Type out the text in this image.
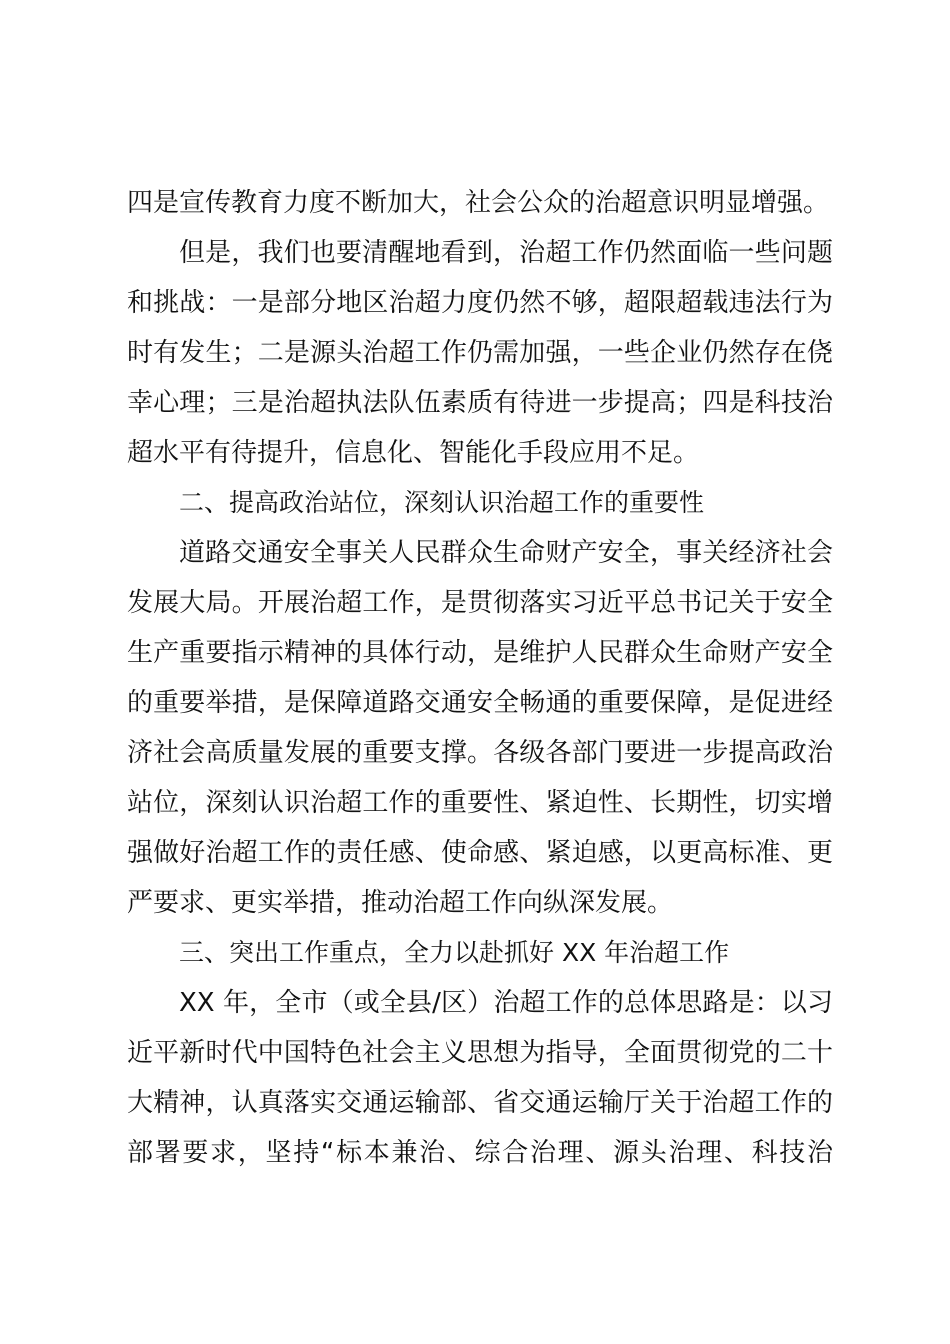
四是宣传教育力度不断加大，社会公众的治超意识明显增强。
但是，我们也要清醒地看到，治超工作仍然面临一些问题
和挑战：一是部分地区治超力度仍然不够，超限超载违法行为
时有发生；二是源头治超工作仍需加强，一些企业仍然存在侥
幸心理；三是治超执法队伍素质有待进一步提高；四是科技治
超水平有待提升，信息化、智能化手段应用不足。
二、提高政治站位，深刻认识治超工作的重要性
道路交通安全事关人民群众生命财产安全，事关经济社会
发展大局。开展治超工作，是贯彻落实习近平总书记关于安全
生产重要指示精神的具体行动，是维护人民群众生命财产安全
的重要举措，是保障道路交通安全畅通的重要保障，是促进经
济社会高质量发展的重要支撑。各级各部门要进一步提高政治
站位，深刻认识治超工作的重要性、紧迫性、长期性，切实增
强做好治超工作的责任感、使命感、紧迫感，以更高标准、更
严要求、更实举措，推动治超工作向纵深发展。
三、突出工作重点，全力以赴抓好 XX 年治超工作
XX 年，全市（或全县/区）治超工作的总体思路是：以习
近平新时代中国特色社会主义思想为指导，全面贯彻党的二十
大精神，认真落实交通运输部、省交通运输厅关于治超工作的
部署要求，坚持“标本兼治、综合治理、源头治理、科技治
